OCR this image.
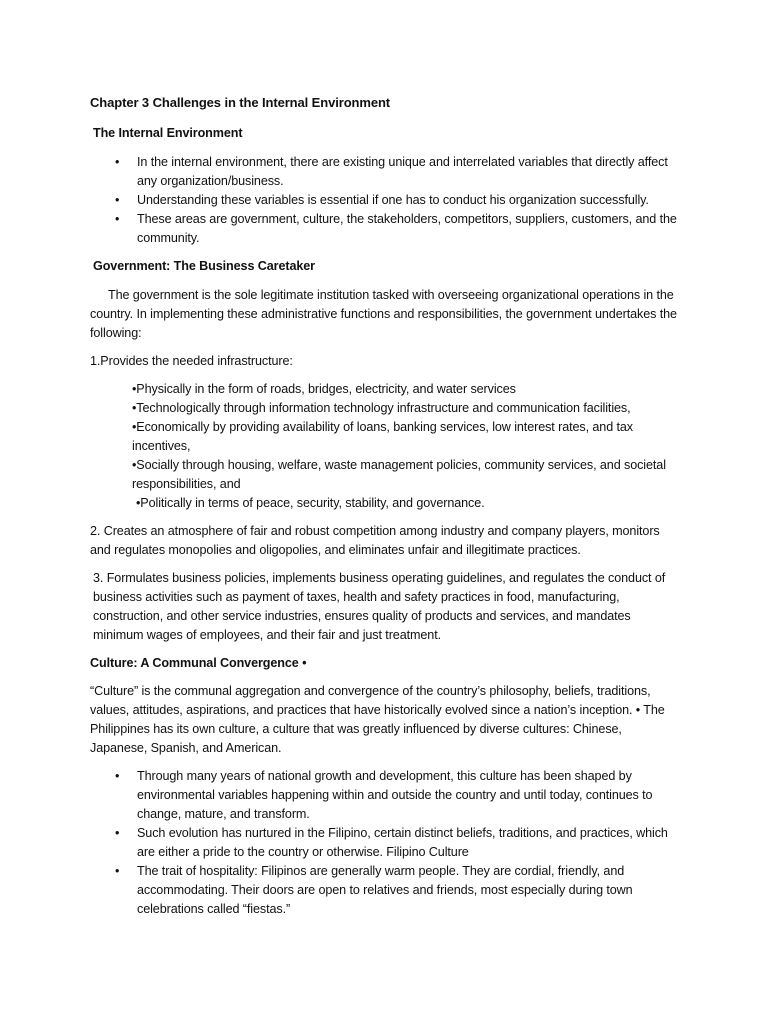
Chapter 3 Challenges in the Internal Environment

The Internal Environment

• In the internal environment, there are existing unique and interrelated variables that directly affect any organization/business.
• Understanding these variables is essential if one has to conduct his organization successfully.
• These areas are government, culture, the stakeholders, competitors, suppliers, customers, and the community.

Government: The Business Caretaker

The government is the sole legitimate institution tasked with overseeing organizational operations in the country. In implementing these administrative functions and responsibilities, the government undertakes the following:

1.Provides the needed infrastructure:

•Physically in the form of roads, bridges, electricity, and water services
•Technologically through information technology infrastructure and communication facilities,
•Economically by providing availability of loans, banking services, low interest rates, and tax incentives,
•Socially through housing, welfare, waste management policies, community services, and societal responsibilities, and
•Politically in terms of peace, security, stability, and governance.

2. Creates an atmosphere of fair and robust competition among industry and company players, monitors and regulates monopolies and oligopolies, and eliminates unfair and illegitimate practices.

3. Formulates business policies, implements business operating guidelines, and regulates the conduct of business activities such as payment of taxes, health and safety practices in food, manufacturing, construction, and other service industries, ensures quality of products and services, and mandates minimum wages of employees, and their fair and just treatment.

Culture: A Communal Convergence •

“Culture” is the communal aggregation and convergence of the country’s philosophy, beliefs, traditions, values, attitudes, aspirations, and practices that have historically evolved since a nation’s inception. • The Philippines has its own culture, a culture that was greatly influenced by diverse cultures: Chinese, Japanese, Spanish, and American.

• Through many years of national growth and development, this culture has been shaped by environmental variables happening within and outside the country and until today, continues to change, mature, and transform.
• Such evolution has nurtured in the Filipino, certain distinct beliefs, traditions, and practices, which are either a pride to the country or otherwise. Filipino Culture
• The trait of hospitality: Filipinos are generally warm people. They are cordial, friendly, and accommodating. Their doors are open to relatives and friends, most especially during town celebrations called “fiestas.”
